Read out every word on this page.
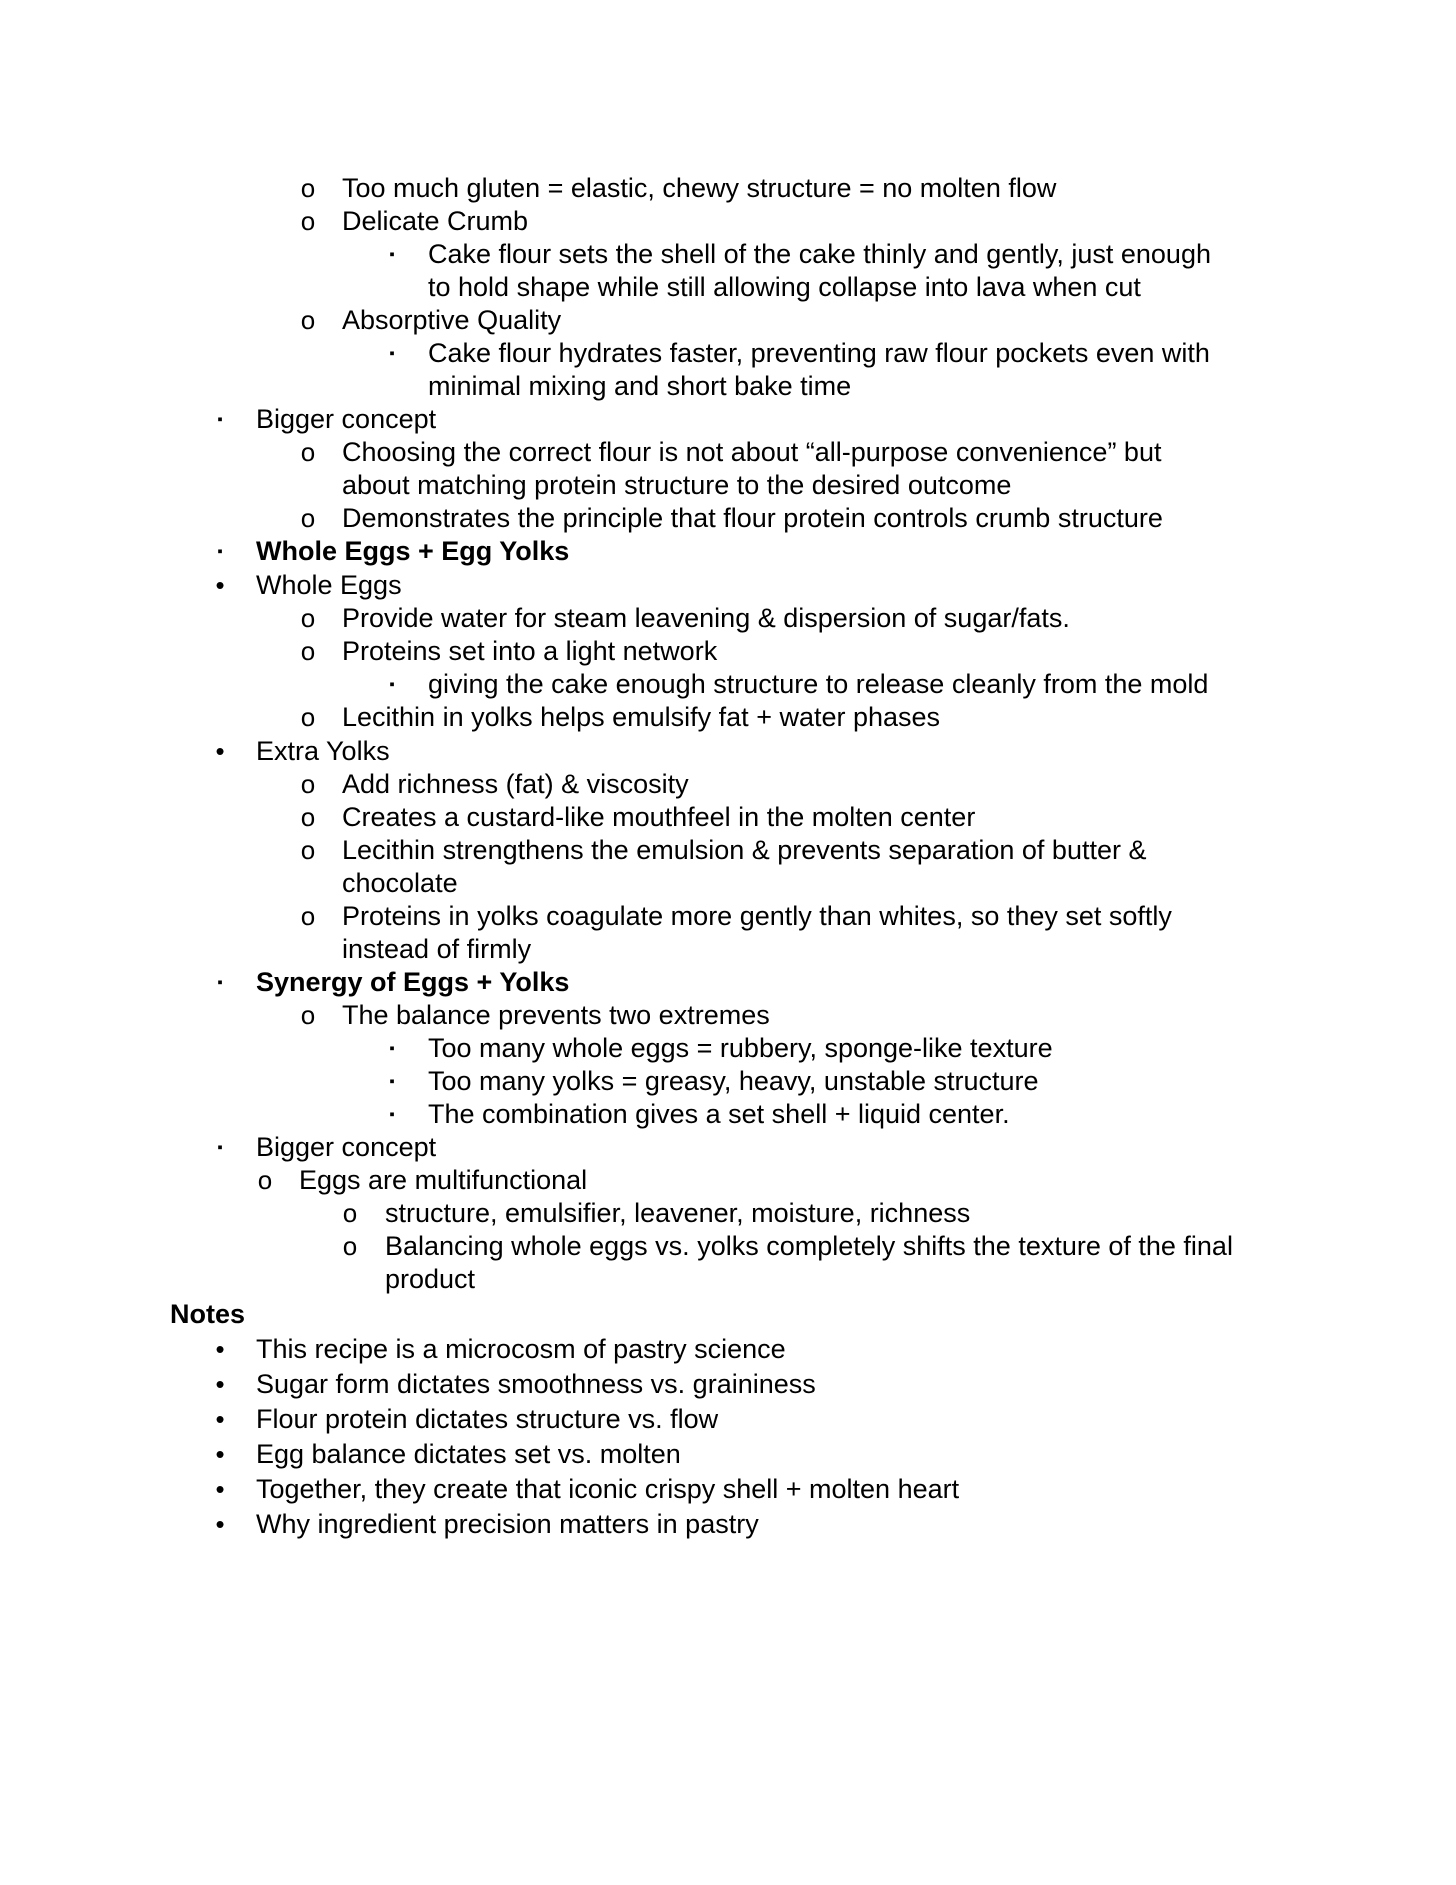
o Too much gluten = elastic, chewy structure = no molten flow
o Delicate Crumb
▪	Cake flour sets the shell of the cake thinly and gently, just enough
to hold shape while still allowing collapse into lava when cut
o Absorptive Quality
▪	Cake flour hydrates faster, preventing raw flour pockets even with
minimal mixing and short bake time
▪	Bigger concept
o Choosing the correct flour is not about “all-purpose convenience” but
about matching protein structure to the desired outcome
o Demonstrates the principle that flour protein controls crumb structure
▪	Whole Eggs + Egg Yolks
• Whole Eggs
o Provide water for steam leavening & dispersion of sugar/fats.
o Proteins set into a light network
▪	giving the cake enough structure to release cleanly from the mold
o Lecithin in yolks helps emulsify fat + water phases
• Extra Yolks
o Add richness (fat) & viscosity
o Creates a custard-like mouthfeel in the molten center
o Lecithin strengthens the emulsion & prevents separation of butter &
chocolate
o Proteins in yolks coagulate more gently than whites, so they set softly
instead of firmly
▪	Synergy of Eggs + Yolks
o The balance prevents two extremes
▪	Too many whole eggs = rubbery, sponge-like texture
▪	Too many yolks = greasy, heavy, unstable structure
▪	The combination gives a set shell + liquid center.
▪	Bigger concept
o Eggs are multifunctional
o structure, emulsifier, leavener, moisture, richness
o Balancing whole eggs vs. yolks completely shifts the texture of the final
product
Notes
• This recipe is a microcosm of pastry science
• Sugar form dictates smoothness vs. graininess
• Flour protein dictates structure vs. flow
• Egg balance dictates set vs. molten
• Together, they create that iconic crispy shell + molten heart
• Why ingredient precision matters in pastry
